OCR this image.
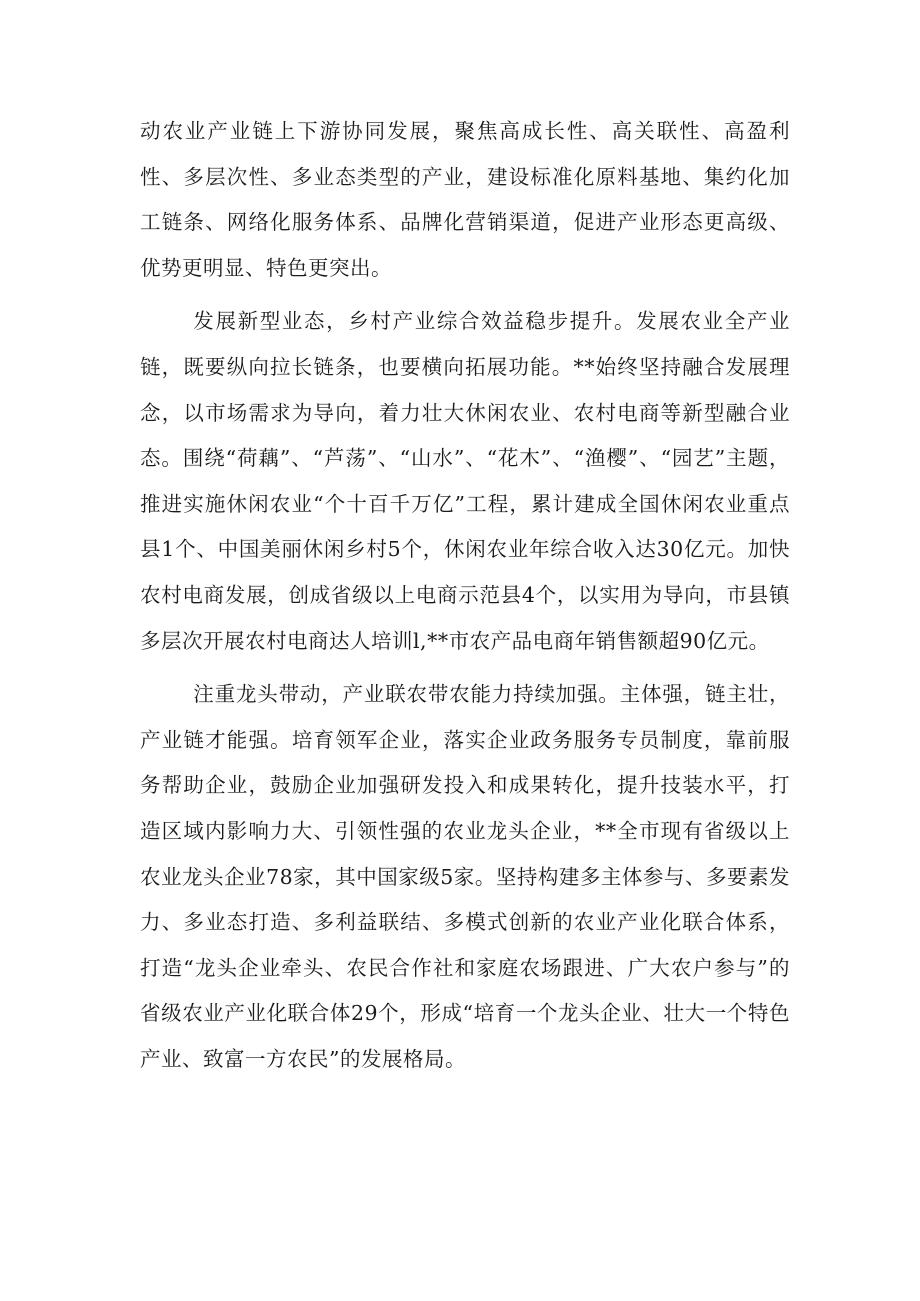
动农业产业链上下游协同发展，聚焦高成长性、高关联性、高盈利性、多层次性、多业态类型的产业，建设标准化原料基地、集约化加工链条、网络化服务体系、品牌化营销渠道，促进产业形态更高级、优势更明显、特色更突出。

发展新型业态，乡村产业综合效益稳步提升。发展农业全产业链，既要纵向拉长链条，也要横向拓展功能。**始终坚持融合发展理念，以市场需求为导向，着力壮大休闲农业、农村电商等新型融合业态。围绕“荷藕”、“芦荡”、“山水”、“花木”、“渔樱”、“园艺”主题，推进实施休闲农业“个十百千万亿”工程，累计建成全国休闲农业重点县1个、中国美丽休闲乡村5个，休闲农业年综合收入达30亿元。加快农村电商发展，创成省级以上电商示范县4个，以实用为导向，市县镇多层次开展农村电商达人培训l,**市农产品电商年销售额超90亿元。

注重龙头带动，产业联农带农能力持续加强。主体强，链主壮，产业链才能强。培育领军企业，落实企业政务服务专员制度，靠前服务帮助企业，鼓励企业加强研发投入和成果转化，提升技装水平，打造区域内影响力大、引领性强的农业龙头企业，**全市现有省级以上农业龙头企业78家，其中国家级5家。坚持构建多主体参与、多要素发力、多业态打造、多利益联结、多模式创新的农业产业化联合体系，打造“龙头企业牵头、农民合作社和家庭农场跟进、广大农户参与”的省级农业产业化联合体29个，形成“培育一个龙头企业、壮大一个特色产业、致富一方农民”的发展格局。
